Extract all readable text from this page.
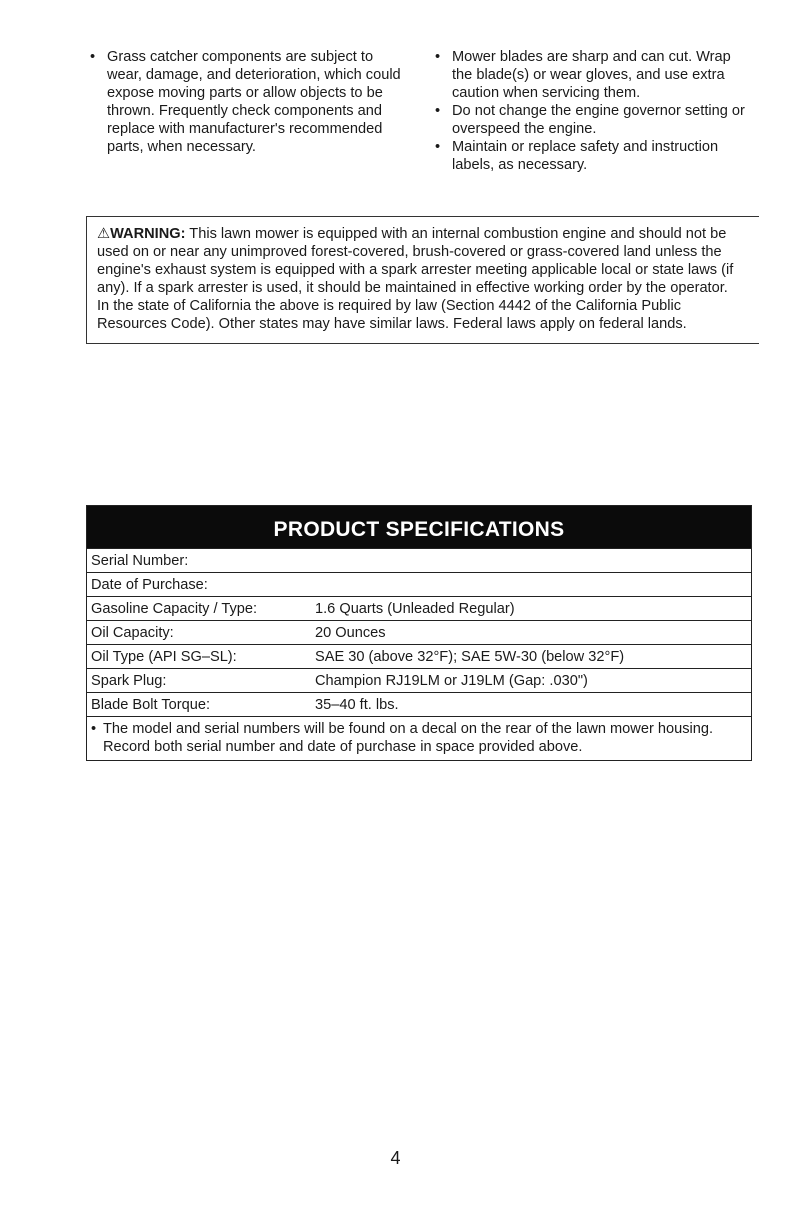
• Grass catcher components are subject to wear, damage, and deterioration, which could expose moving parts or allow objects to be thrown. Frequently check components and replace with manufacturer's recommended parts, when necessary.
• Mower blades are sharp and can cut. Wrap the blade(s) or wear gloves, and use extra caution when servicing them.
• Do not change the engine governor setting or overspeed the engine.
• Maintain or replace safety and instruction labels, as necessary.
⚠WARNING: This lawn mower is equipped with an internal combustion engine and should not be used on or near any unimproved forest-covered, brush-covered or grass-covered land unless the engine's exhaust system is equipped with a spark arrester meeting applicable local or state laws (if any). If a spark arrester is used, it should be maintained in effective working order by the operator.
In the state of California the above is required by law (Section 4442 of the California Public Resources Code). Other states may have similar laws. Federal laws apply on federal lands.
PRODUCT SPECIFICATIONS
Serial Number:
Date of Purchase:
Gasoline Capacity / Type:	1.6 Quarts (Unleaded Regular)
Oil Capacity:	20 Ounces
Oil Type (API SG–SL):	SAE 30 (above 32°F); SAE 5W-30 (below 32°F)
Spark Plug:	Champion RJ19LM or J19LM (Gap: .030")
Blade Bolt Torque:	35–40 ft. lbs.
• The model and serial numbers will be found on a decal on the rear of the lawn mower housing. Record both serial number and date of purchase in space provided above.
4
